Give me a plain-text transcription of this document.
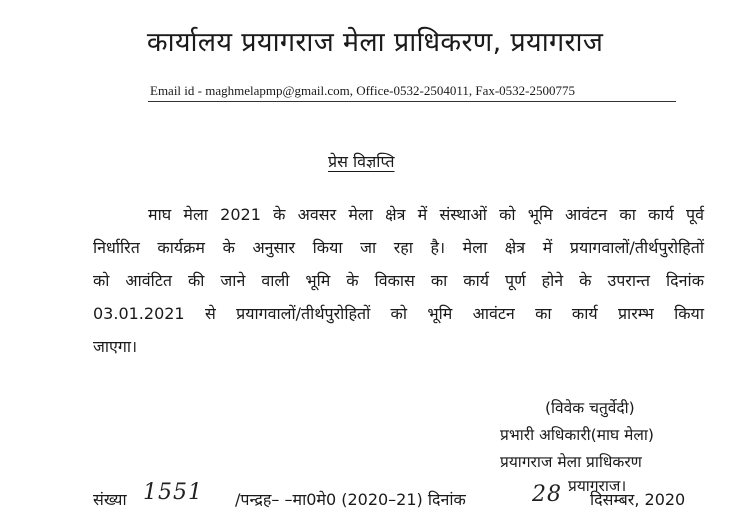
कार्यालय प्रयागराज मेला प्राधिकरण, प्रयागराज
Email id - maghmelapmp@gmail.com, Office-0532-2504011, Fax-0532-2500775
प्रेस विज्ञप्ति
माघ मेला 2021 के अवसर मेला क्षेत्र में संस्थाओं को भूमि आवंटन का कार्य पूर्व
निर्धारित कार्यक्रम के अनुसार किया जा रहा है। मेला क्षेत्र में प्रयागवालों/तीर्थपुरोहितों
को आवंटित की जाने वाली भूमि के विकास का कार्य पूर्ण होने के उपरान्त दिनांक
03.01.2021 से प्रयागवालों/तीर्थपुरोहितों को भूमि आवंटन का कार्य प्रारम्भ किया
जाएगा।
(विवेक चतुर्वेदी)
प्रभारी अधिकारी(माघ मेला)
प्रयागराज मेला प्राधिकरण
प्रयागराज।
संख्या 1551 /पन्द्रह– –मा0मे0 (2020–21) दिनांक	28 दिसम्बर, 2020
